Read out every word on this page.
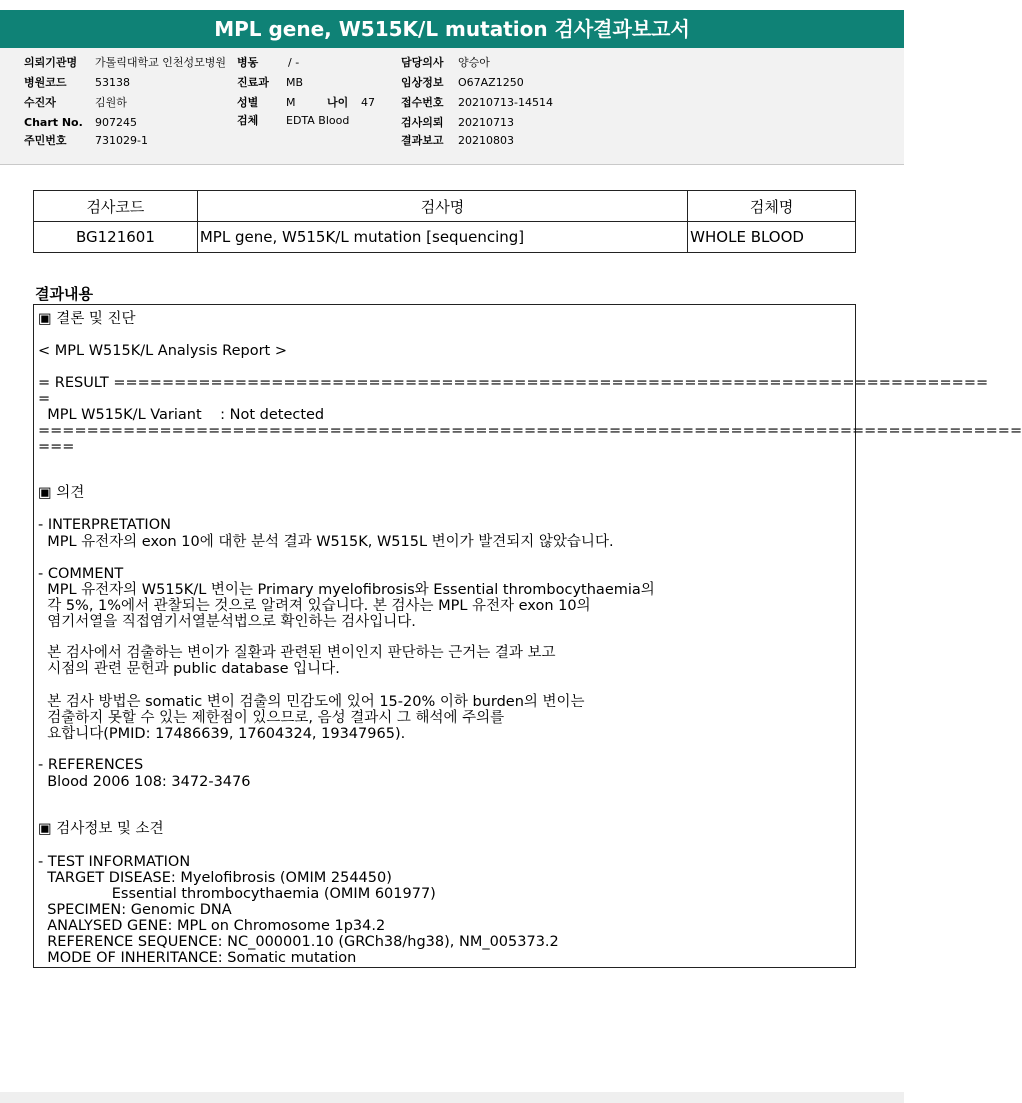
MPL gene, W515K/L mutation 검사결과보고서
의뢰기관명 가톨릭대학교 인천성모병원
병원코드	53138
수진자	김원하
Chart No. 907245
주민번호	731029-1
병동	/ -
진료과 MB
성별	M	나이 47
검체	EDTA Blood
담당의사 양승아
임상정보 O67AZ1250
접수번호 20210713-14514
검사의뢰 20210713
결과보고 20210803
검사코드	검사명	검체명
BG121601	MPL gene, W515K/L mutation [sequencing]	WHOLE BLOOD
결과내용
▣ 결론 및 진단
< MPL W515K/L Analysis Report >
= RESULT ========================================================================
=
MPL W515K/L Variant    : Not detected
=================================================================================
===
▣ 의견
- INTERPRETATION
MPL 유전자의 exon 10에 대한 분석 결과 W515K, W515L 변이가 발견되지 않았습니다.
- COMMENT
MPL 유전자의 W515K/L 변이는 Primary myelofibrosis와 Essential thrombocythaemia의
각 5%, 1%에서 관찰되는 것으로 알려져 있습니다. 본 검사는 MPL 유전자 exon 10의
염기서열을 직접염기서열분석법으로 확인하는 검사입니다.
본 검사에서 검출하는 변이가 질환과 관련된 변이인지 판단하는 근거는 결과 보고
시점의 관련 문헌과 public database 입니다.
본 검사 방법은 somatic 변이 검출의 민감도에 있어 15-20% 이하 burden의 변이는
검출하지 못할 수 있는 제한점이 있으므로, 음성 결과시 그 해석에 주의를
요합니다(PMID: 17486639, 17604324, 19347965).
- REFERENCES
Blood 2006 108: 3472-3476
▣ 검사정보 및 소견
- TEST INFORMATION
TARGET DISEASE: Myelofibrosis (OMIM 254450)
Essential thrombocythaemia (OMIM 601977)
SPECIMEN: Genomic DNA
ANALYSED GENE: MPL on Chromosome 1p34.2
REFERENCE SEQUENCE: NC_000001.10 (GRCh38/hg38), NM_005373.2
MODE OF INHERITANCE: Somatic mutation
